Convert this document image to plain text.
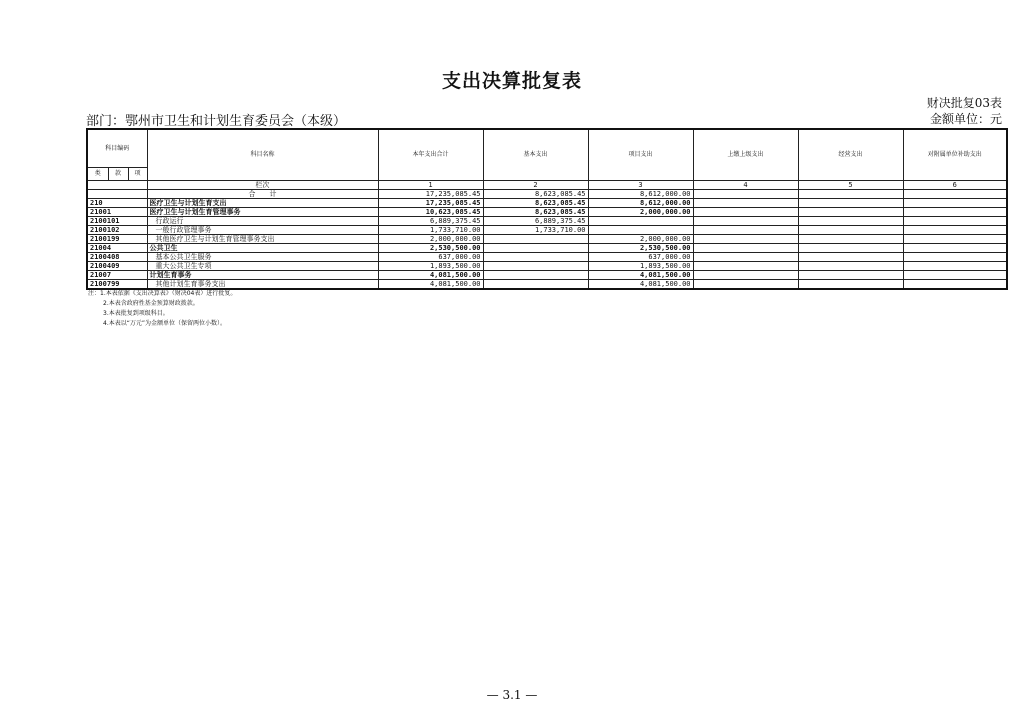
支出决算批复表
财决批复03表
部门：鄂州市卫生和计划生育委员会（本级）	金额单位：元
科目编码			科目名称	本年支出合计	基本支出	项目支出	上缴上级支出	经营支出	对附属单位补助支出
类	款	项							
			栏次	1	2	3	4	5	6
			合　　计	17,235,085.45	8,623,085.45	8,612,000.00			
210			医疗卫生与计划生育支出	17,235,085.45	8,623,085.45	8,612,000.00			
21001			医疗卫生与计划生育管理事务	10,623,085.45	8,623,085.45	2,000,000.00			
2100101			行政运行	6,889,375.45	6,889,375.45				
2100102			一般行政管理事务	1,733,710.00	1,733,710.00				
2100199			其他医疗卫生与计划生育管理事务支出	2,000,000.00		2,000,000.00			
21004			公共卫生	2,530,500.00		2,530,500.00			
2100408			基本公共卫生服务	637,000.00		637,000.00			
2100409			重大公共卫生专项	1,893,500.00		1,893,500.00			
21007			计划生育事务	4,081,500.00		4,081,500.00			
2100799			其他计划生育事务支出	4,081,500.00		4,081,500.00			
注：1.本表依据《支出决算表》（财决04表）进行批复。
2.本表含政府性基金预算财政拨款。
3.本表批复到项级科目。
4.本表以“万元”为金额单位（保留两位小数）。
— 3.1 —
